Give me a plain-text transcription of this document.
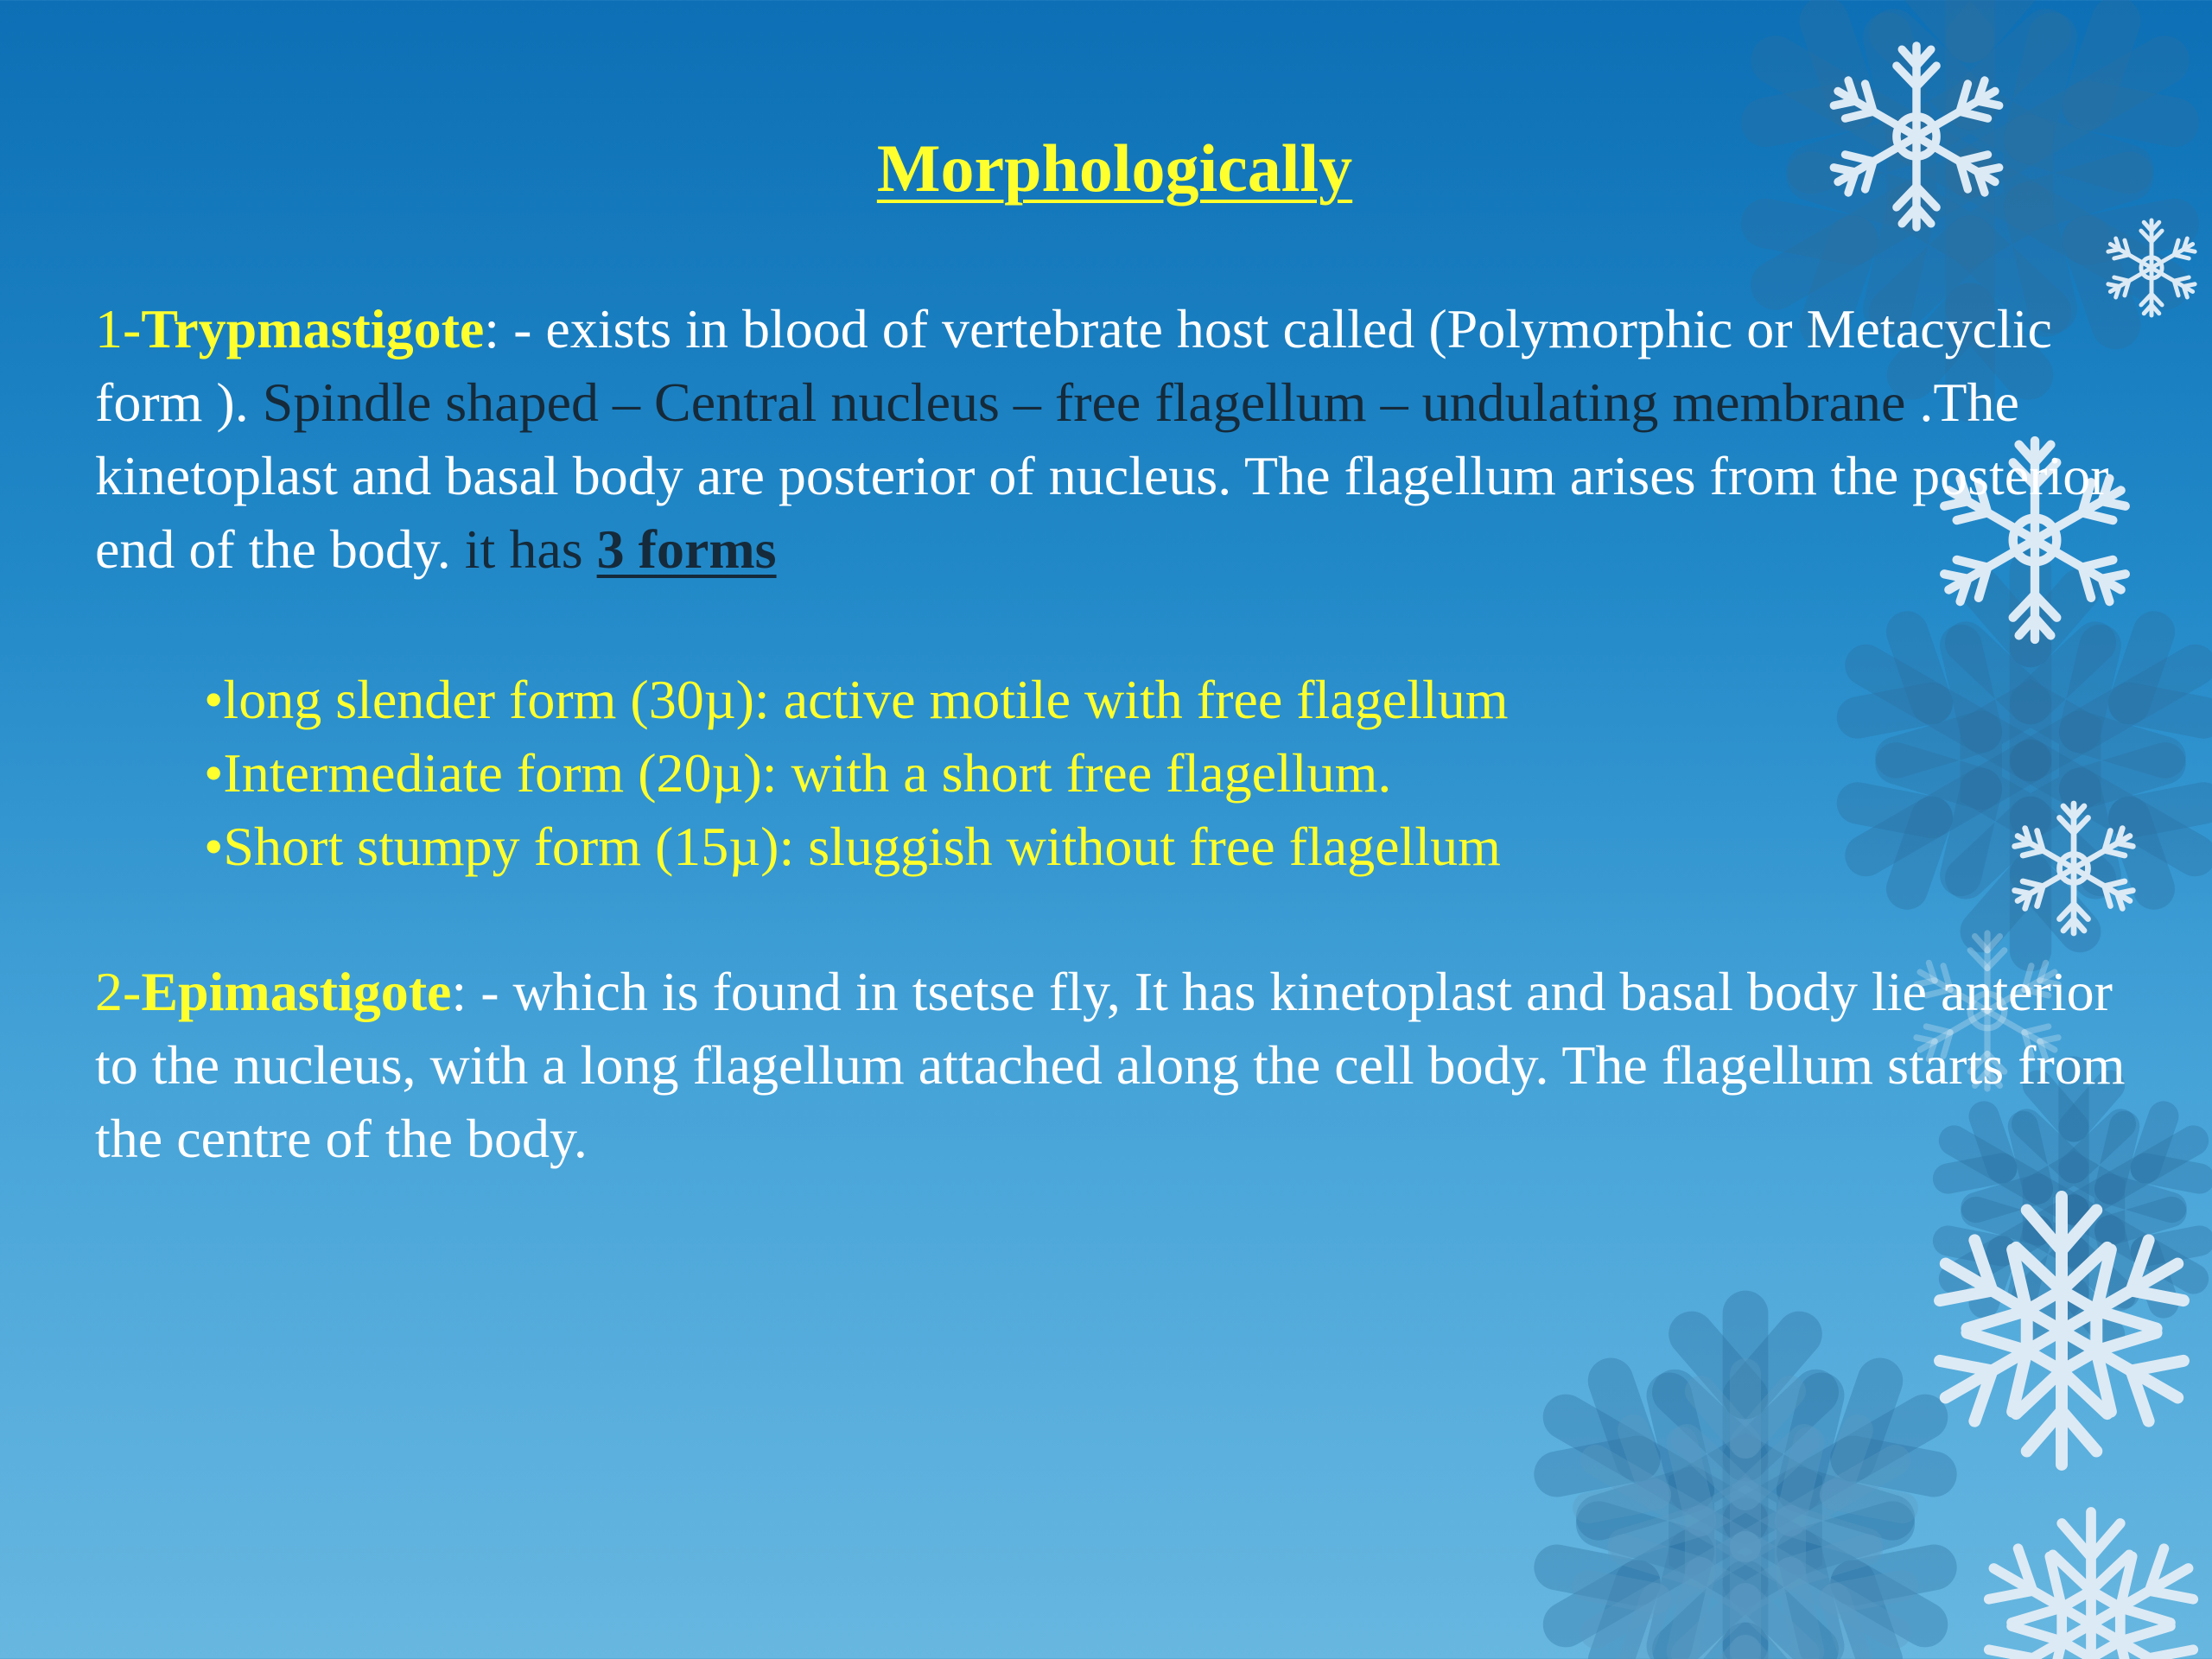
Morphologically

1-Trypmastigote: - exists in blood of vertebrate host called (Polymorphic or Metacyclic form ). Spindle shaped – Central nucleus – free flagellum – undulating membrane .The kinetoplast and basal body are posterior of nucleus. The flagellum arises from the posterior end of the body. it has 3 forms

•long slender form (30µ): active motile with free flagellum
•Intermediate form (20µ): with a short free flagellum.
•Short stumpy form (15µ): sluggish without free flagellum

2-Epimastigote: - which is found in tsetse fly, It has kinetoplast and basal body lie anterior to the nucleus, with a long flagellum attached along the cell body. The flagellum starts from the centre of the body.
